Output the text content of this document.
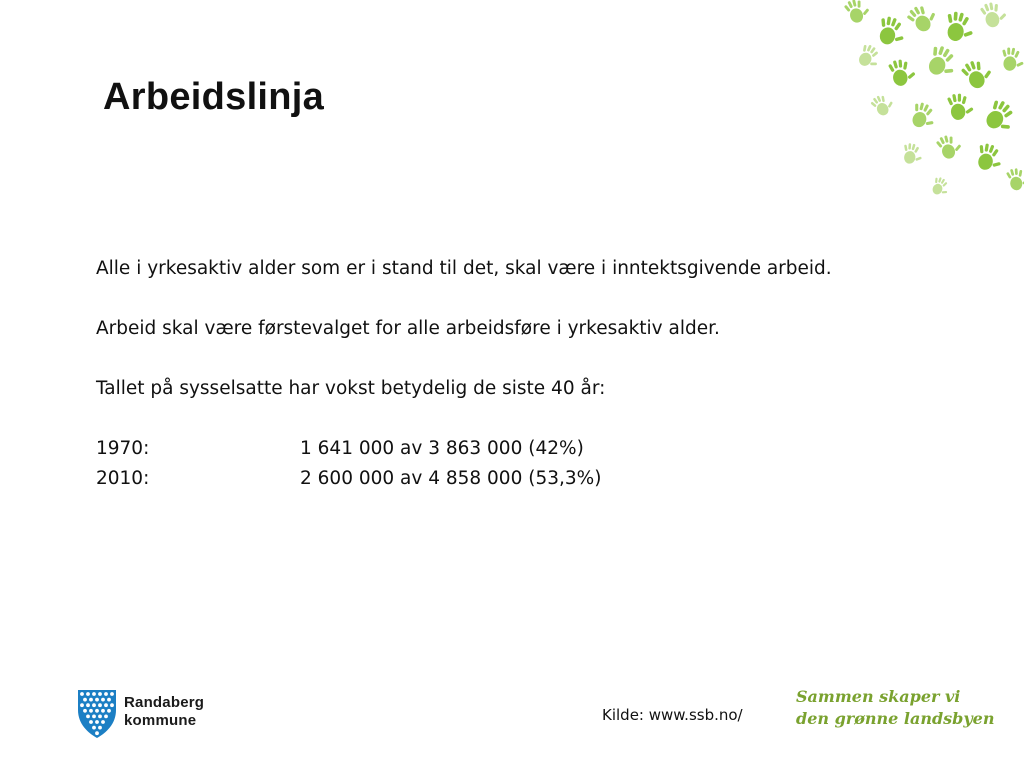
Arbeidslinja
Alle i yrkesaktiv alder som er i stand til det, skal være i inntektsgivende arbeid.
Arbeid skal være førstevalget for alle arbeidsføre i yrkesaktiv alder.
Tallet på sysselsatte har vokst betydelig de siste 40 år:
1970:	1 641 000 av 3 863 000 (42%)
2010:	2 600 000 av 4 858 000 (53,3%)
Randaberg
kommune	Kilde: www.ssb.no/
Sammen skaper vi
den grønne landsbyen
